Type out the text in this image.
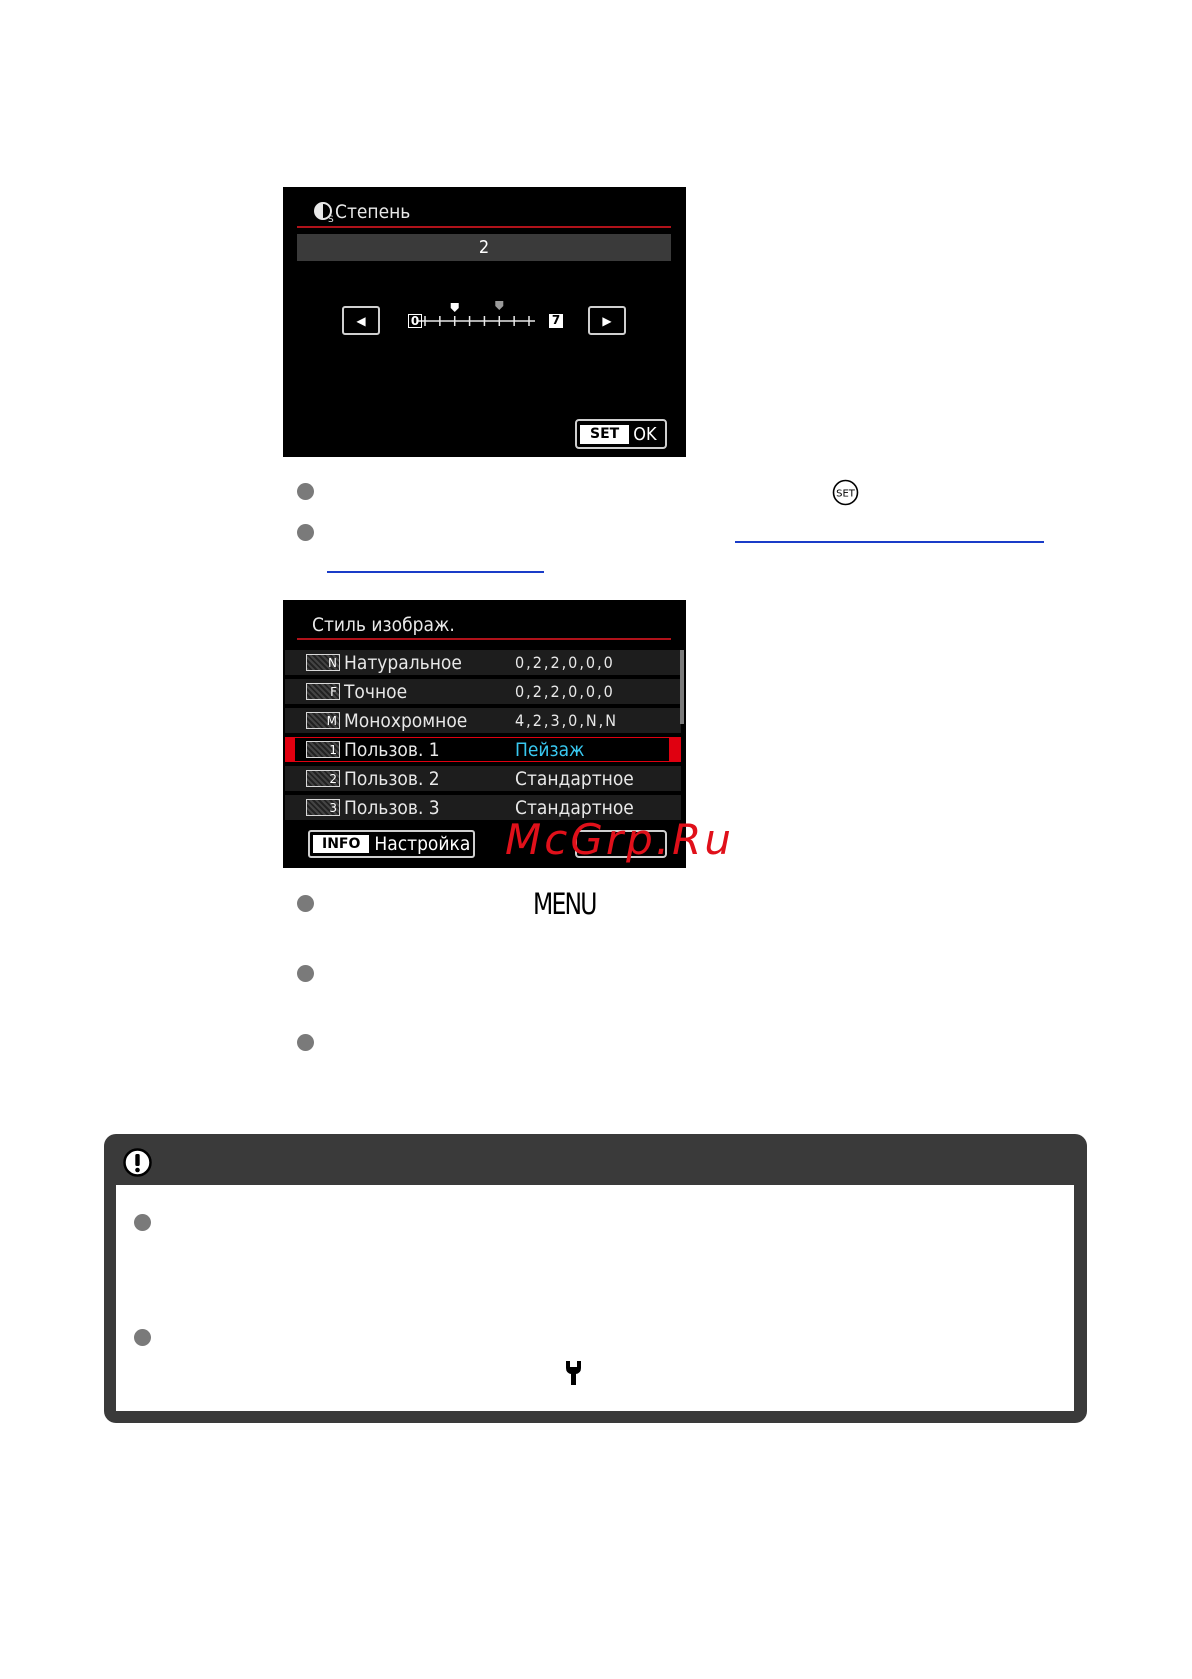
S Степень
2
◀	0	7	▶
SET OK
SET
Стиль изображ.
N Натуральное	0,2,2,0,0,0
F Точное	0,2,2,0,0,0
M Монохромное	4,2,3,0,N,N
1 Пользов. 1	Пейзаж
2 Пользов. 2	Стандартное
3 Пользов. 3	Стандартное
INFO Настройка McGrp.Ru
MENU
